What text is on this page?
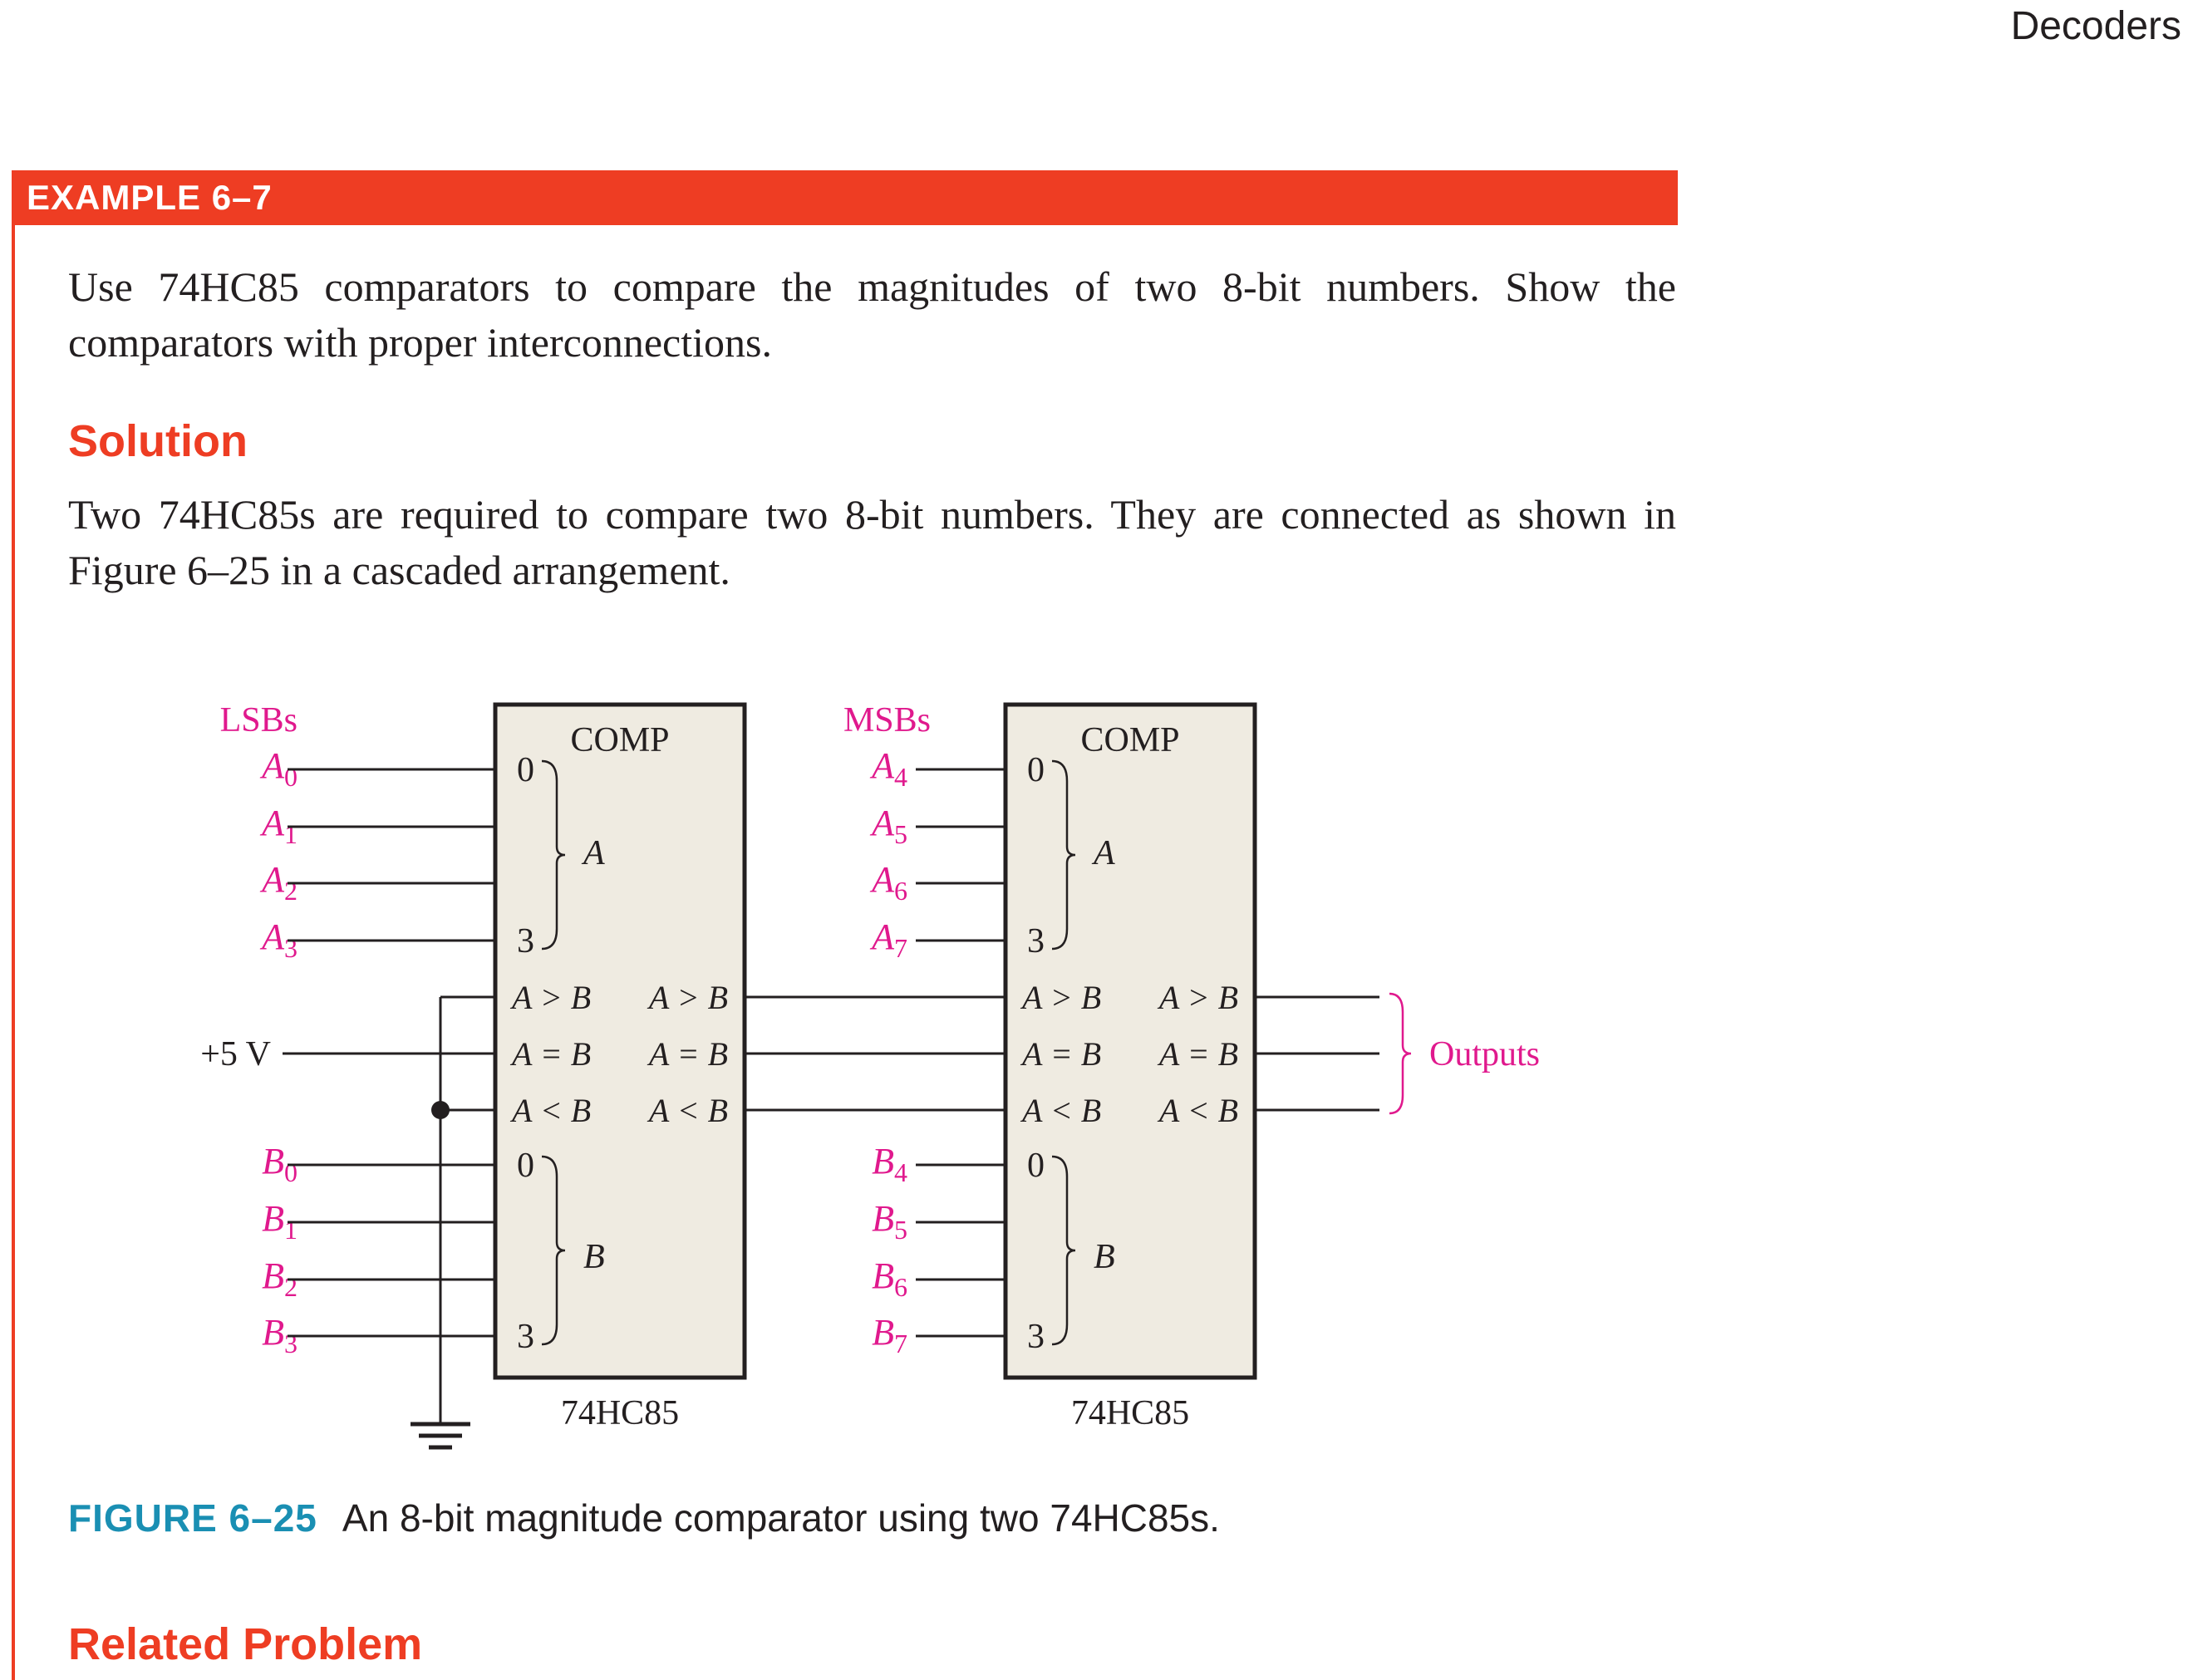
Decoders
EXAMPLE 6–7
Use 74HC85 comparators to compare the magnitudes of two 8-bit numbers. Show the comparators with proper interconnections.
Solution
Two 74HC85s are required to compare two 8-bit numbers. They are connected as shown in Figure 6–25 in a cascaded arrangement.
COMP
74HC85
0
3
0
3
A
B
A > B
A = B
A < B
A > B
A = B
A < B
$A_0$
$A_1$
$A_2$
$A_3$
$B_0$
$B_1$
$B_2$
$B_3$
COMP
74HC85
0
3
0
3
A
B
A > B
A = B
A < B
A > B
A = B
A < B
$A_4$
$A_5$
$A_6$
$A_7$
$B_4$
$B_5$
$B_6$
$B_7$
LSBs	MSBs
+5 V	Outputs
FIGURE 6–25 An 8-bit magnitude comparator using two 74HC85s.
Related Problem
